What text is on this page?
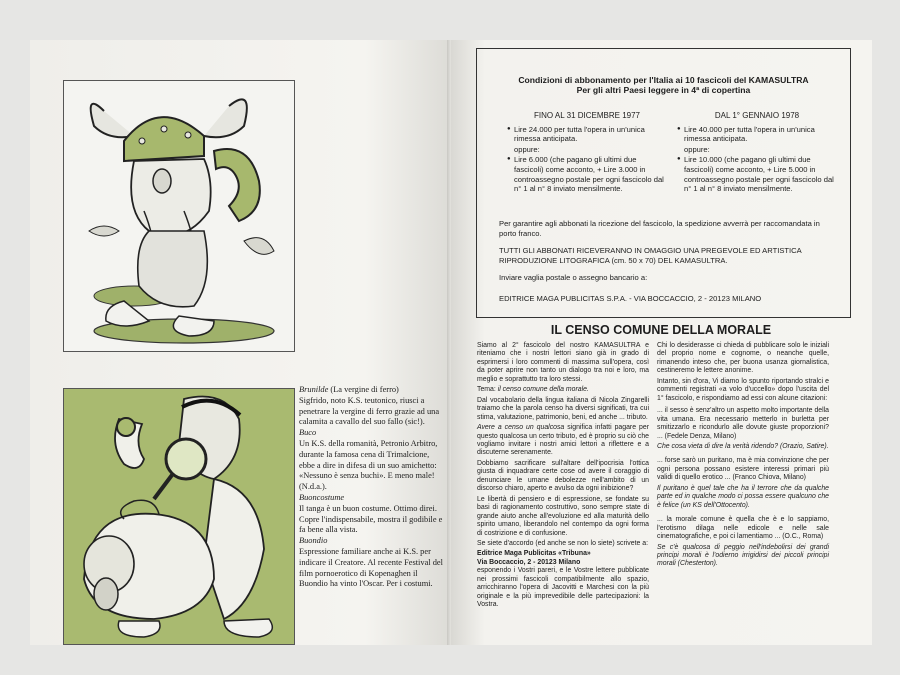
Brunilde (La vergine di ferro)

Sigfrido, noto K.S. teutonico, riusci a penetrare la vergine di ferro grazie ad una calamita a cavallo del suo fallo (sic!).

Buco

Un K.S. della romanità, Petronio Arbitro, durante la famosa cena di Trimalcione, ebbe a dire in difesa di un suo amichetto: «Nessuno è senza buchi». E meno male! (N.d.a.).

Buoncostume

Il tanga è un buon costume. Ottimo direi. Copre l'indispensabile, mostra il godibile e fa bene alla vista.

Buondio

Espressione familiare anche ai K.S. per indicare il Creatore. Al recente Festival del film pornoerotico di Kopenaghen il Buondio ha vinto l'Oscar. Per i costumi.

Condizioni di abbonamento per l'Italia ai 10 fascicoli del KAMASULTRA
Per gli altri Paesi leggere in 4ª di copertina
FINO AL 31 DICEMBRE 1977
● Lire 24.000 per tutta l'opera in un'unica rimessa anticipata.
oppure:
● Lire 6.000 (che pagano gli ultimi due fascicoli) come acconto, + Lire 3.000 in controassegno postale per ogni fascicolo dal n° 1 al n° 8 inviato mensilmente.
DAL 1° GENNAIO 1978
● Lire 40.000 per tutta l'opera in un'unica rimessa anticipata.
oppure:
● Lire 10.000 (che pagano gli ultimi due fascicoli) come acconto, + Lire 5.000 in controassegno postale per ogni fascicolo dal n° 1 al n° 8 inviato mensilmente.
Per garantire agli abbonati la ricezione del fascicolo, la spedizione avverrà per raccomandata in porto franco.
TUTTI GLI ABBONATI RICEVERANNO IN OMAGGIO UNA PREGEVOLE ED ARTISTICA RIPRODUZIONE LITOGRAFICA (cm. 50 x 70) DEL KAMASULTRA.
Inviare vaglia postale o assegno bancario a:
EDITRICE MAGA PUBLICITAS S.P.A. - VIA BOCCACCIO, 2 - 20123 MILANO
IL CENSO COMUNE DELLA MORALE

Siamo al 2° fascicolo del nostro KAMASULTRA e riteniamo che i nostri lettori siano già in grado di esprimersi i loro commenti di massima sull'opera, così da poter aprire non tanto un dialogo tra noi e loro, ma meglio e soprattutto tra loro stessi.

Tema: il censo comune della morale.

Dal vocabolario della lingua italiana di Nicola Zingarelli traiamo che la parola censo ha diversi significati, tra cui stima, valutazione, patrimonio, beni, ed anche ... tributo.

Avere a censo un qualcosa significa infatti pagare per questo qualcosa un certo tributo, ed è proprio su ciò che vogliamo invitare i nostri amici lettori a riflettere e a discuterne serenamente.

Dobbiamo sacrificare sull'altare dell'ipocrisia l'ottica giusta di inquadrare certe cose od avere il coraggio di denunciare le umane debolezze nell'ambito di un discorso chiaro, aperto e avulso da ogni inibizione?

Le libertà di pensiero e di espressione, se fondate su basi di ragionamento costruttivo, sono sempre state di grande aiuto anche all'evoluzione ed alla maturità dello spirito umano, liberandolo nel contempo da ogni forma di costrizione e di confusione.

Se siete d'accordo (ed anche se non lo siete) scrivete a:

Editrice Maga Publicitas «Tribuna»
Via Boccaccio, 2 - 20123 Milano

esponendo i Vostri pareri, e le Vostre lettere pubblicate nei prossimi fascicoli compatibilmente allo spazio, arricchiranno l'opera di Jacovitti e Marchesi con la più originale e la più imprevedibile delle partecipazioni: la Vostra.

Chi lo desiderasse ci chieda di pubblicare solo le iniziali del proprio nome e cognome, o neanche quelle, rimanendo inteso che, per buona usanza giornalistica, cestineremo le lettere anonime.

Intanto, sin d'ora, Vi diamo lo spunto riportando stralci e commenti registrati «a volo d'uccello» dopo l'uscita del 1° fascicolo, e rispondiamo ad essi con alcune citazioni:

... il sesso è senz'altro un aspetto molto importante della vita umana. Era necessario metterlo in burletta per smitizzarlo e ricondurlo alle dovute giuste proporzioni? ... (Fedele Denza, Milano)

Che cosa vieta di dire la verità ridendo? (Orazio, Satire).

... forse sarò un puritano, ma è mia convinzione che per ogni persona possano esistere interessi primari più validi di quello erotico ... (Franco Chiova, Milano)

Il puritano è quel tale che ha il terrore che da qualche parte ed in qualche modo ci possa essere qualcuno che è felice (un KS dell'Ottocento).

... la morale comune è quella che è e lo sappiamo, l'erotismo dilaga nelle edicole e nelle sale cinematografiche, e poi ci lamentiamo ... (O.C., Roma)

Se c'è qualcosa di peggio nell'indebolirsi dei grandi principi morali è l'odierno irrigidirsi dei piccoli principi morali (Chesterton).
